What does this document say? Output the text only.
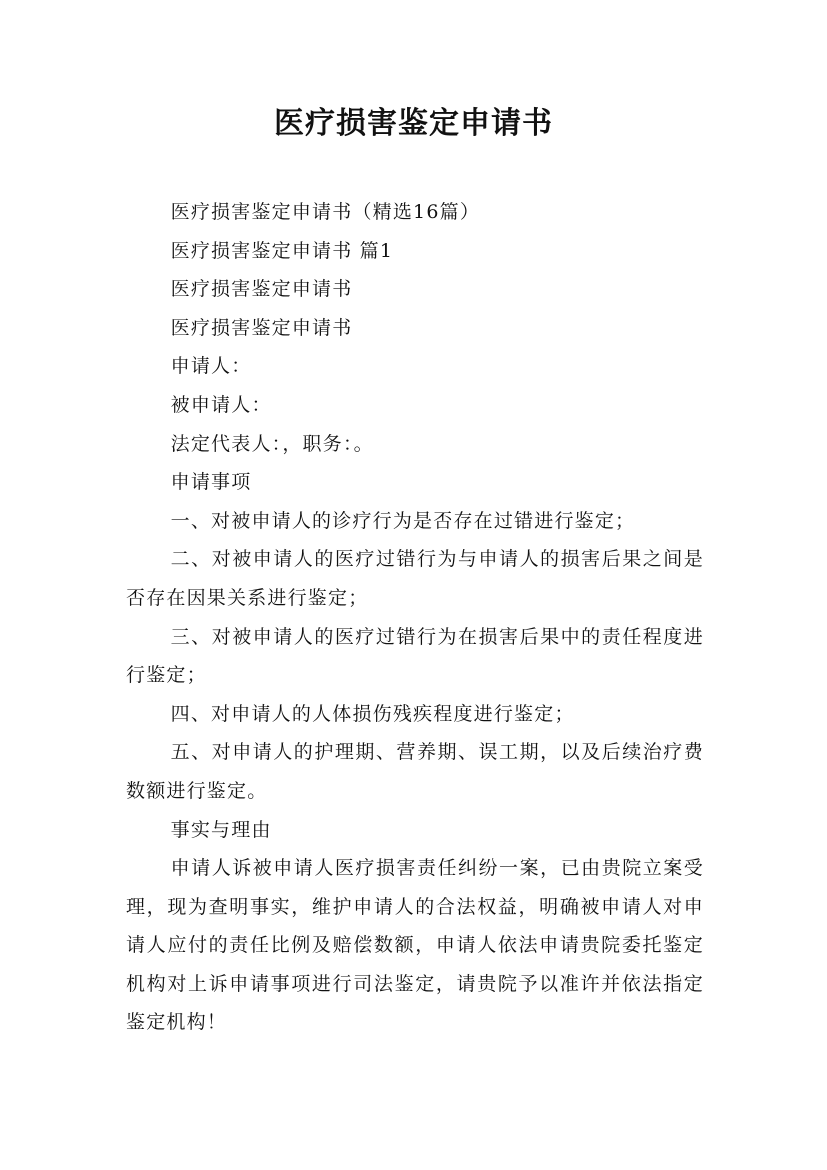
医疗损害鉴定申请书

医疗损害鉴定申请书（精选16篇）

医疗损害鉴定申请书 篇1

医疗损害鉴定申请书

医疗损害鉴定申请书

申请人：

被申请人：

法定代表人：，职务：。

申请事项

一、对被申请人的诊疗行为是否存在过错进行鉴定；

二、对被申请人的医疗过错行为与申请人的损害后果之间是否存在因果关系进行鉴定；

三、对被申请人的医疗过错行为在损害后果中的责任程度进行鉴定；

四、对申请人的人体损伤残疾程度进行鉴定；

五、对申请人的护理期、营养期、误工期，以及后续治疗费数额进行鉴定。

事实与理由

申请人诉被申请人医疗损害责任纠纷一案，已由贵院立案受理，现为查明事实，维护申请人的合法权益，明确被申请人对申请人应付的责任比例及赔偿数额，申请人依法申请贵院委托鉴定机构对上诉申请事项进行司法鉴定，请贵院予以准许并依法指定鉴定机构！
